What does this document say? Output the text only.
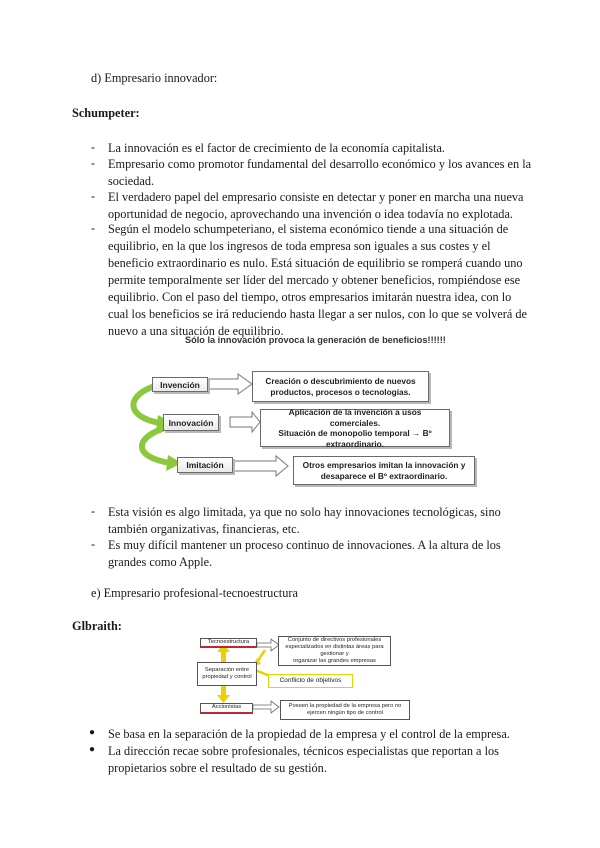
d) Empresario innovador:
Schumpeter:
-	La innovación es el factor de crecimiento de la economía capitalista.
-	Empresario como promotor fundamental del desarrollo económico y los avances en la
sociedad.
-	El verdadero papel del empresario consiste en detectar y poner en marcha una nueva
oportunidad de negocio, aprovechando una invención o idea todavía no explotada.
-	Según el modelo schumpeteriano, el sistema económico tiende a una situación de
equilibrio, en la que los ingresos de toda empresa son iguales a sus costes y el
beneficio extraordinario es nulo. Está situación de equilibrio se romperá cuando uno
permite temporalmente ser líder del mercado y obtener beneficios, rompiéndose ese
equilibrio. Con el paso del tiempo, otros empresarios imitarán nuestra idea, con lo
cual los beneficios se irá reduciendo hasta llegar a ser nulos, con lo que se volverá de
nuevo a una situación de equilibrio.
Sólo la innovación provoca la generación de beneficios!!!!!!
Invención	Creación o descubrimiento de nuevos
productos, procesos o tecnologías.
Innovación
Aplicación de la invención a usos comerciales.
Situación de monopolio temporal → Bº
extraordinario.
Imitación	Otros empresarios imitan la innovación y
desaparece el Bº extraordinario.
-	Esta visión es algo limitada, ya que no solo hay innovaciones tecnológicas, sino
también organizativas, financieras, etc.
-	Es muy difícil mantener un proceso continuo de innovaciones. A la altura de los
grandes como Apple.
e) Empresario profesional-tecnoestructura
Glbraith:
Tecnoestructura	Conjunto de directivos profesionales
especializados en distintas áreas para gestionar y
organizar las grandes empresas
Separación entre
propiedad y control
Conflicto de objetivos
Accionistas	Poseen la propiedad de la empresa pero no
ejercen ningún tipo de control
●	Se basa en la separación de la propiedad de la empresa y el control de la empresa.
●	La dirección recae sobre profesionales, técnicos especialistas que reportan a los
propietarios sobre el resultado de su gestión.
